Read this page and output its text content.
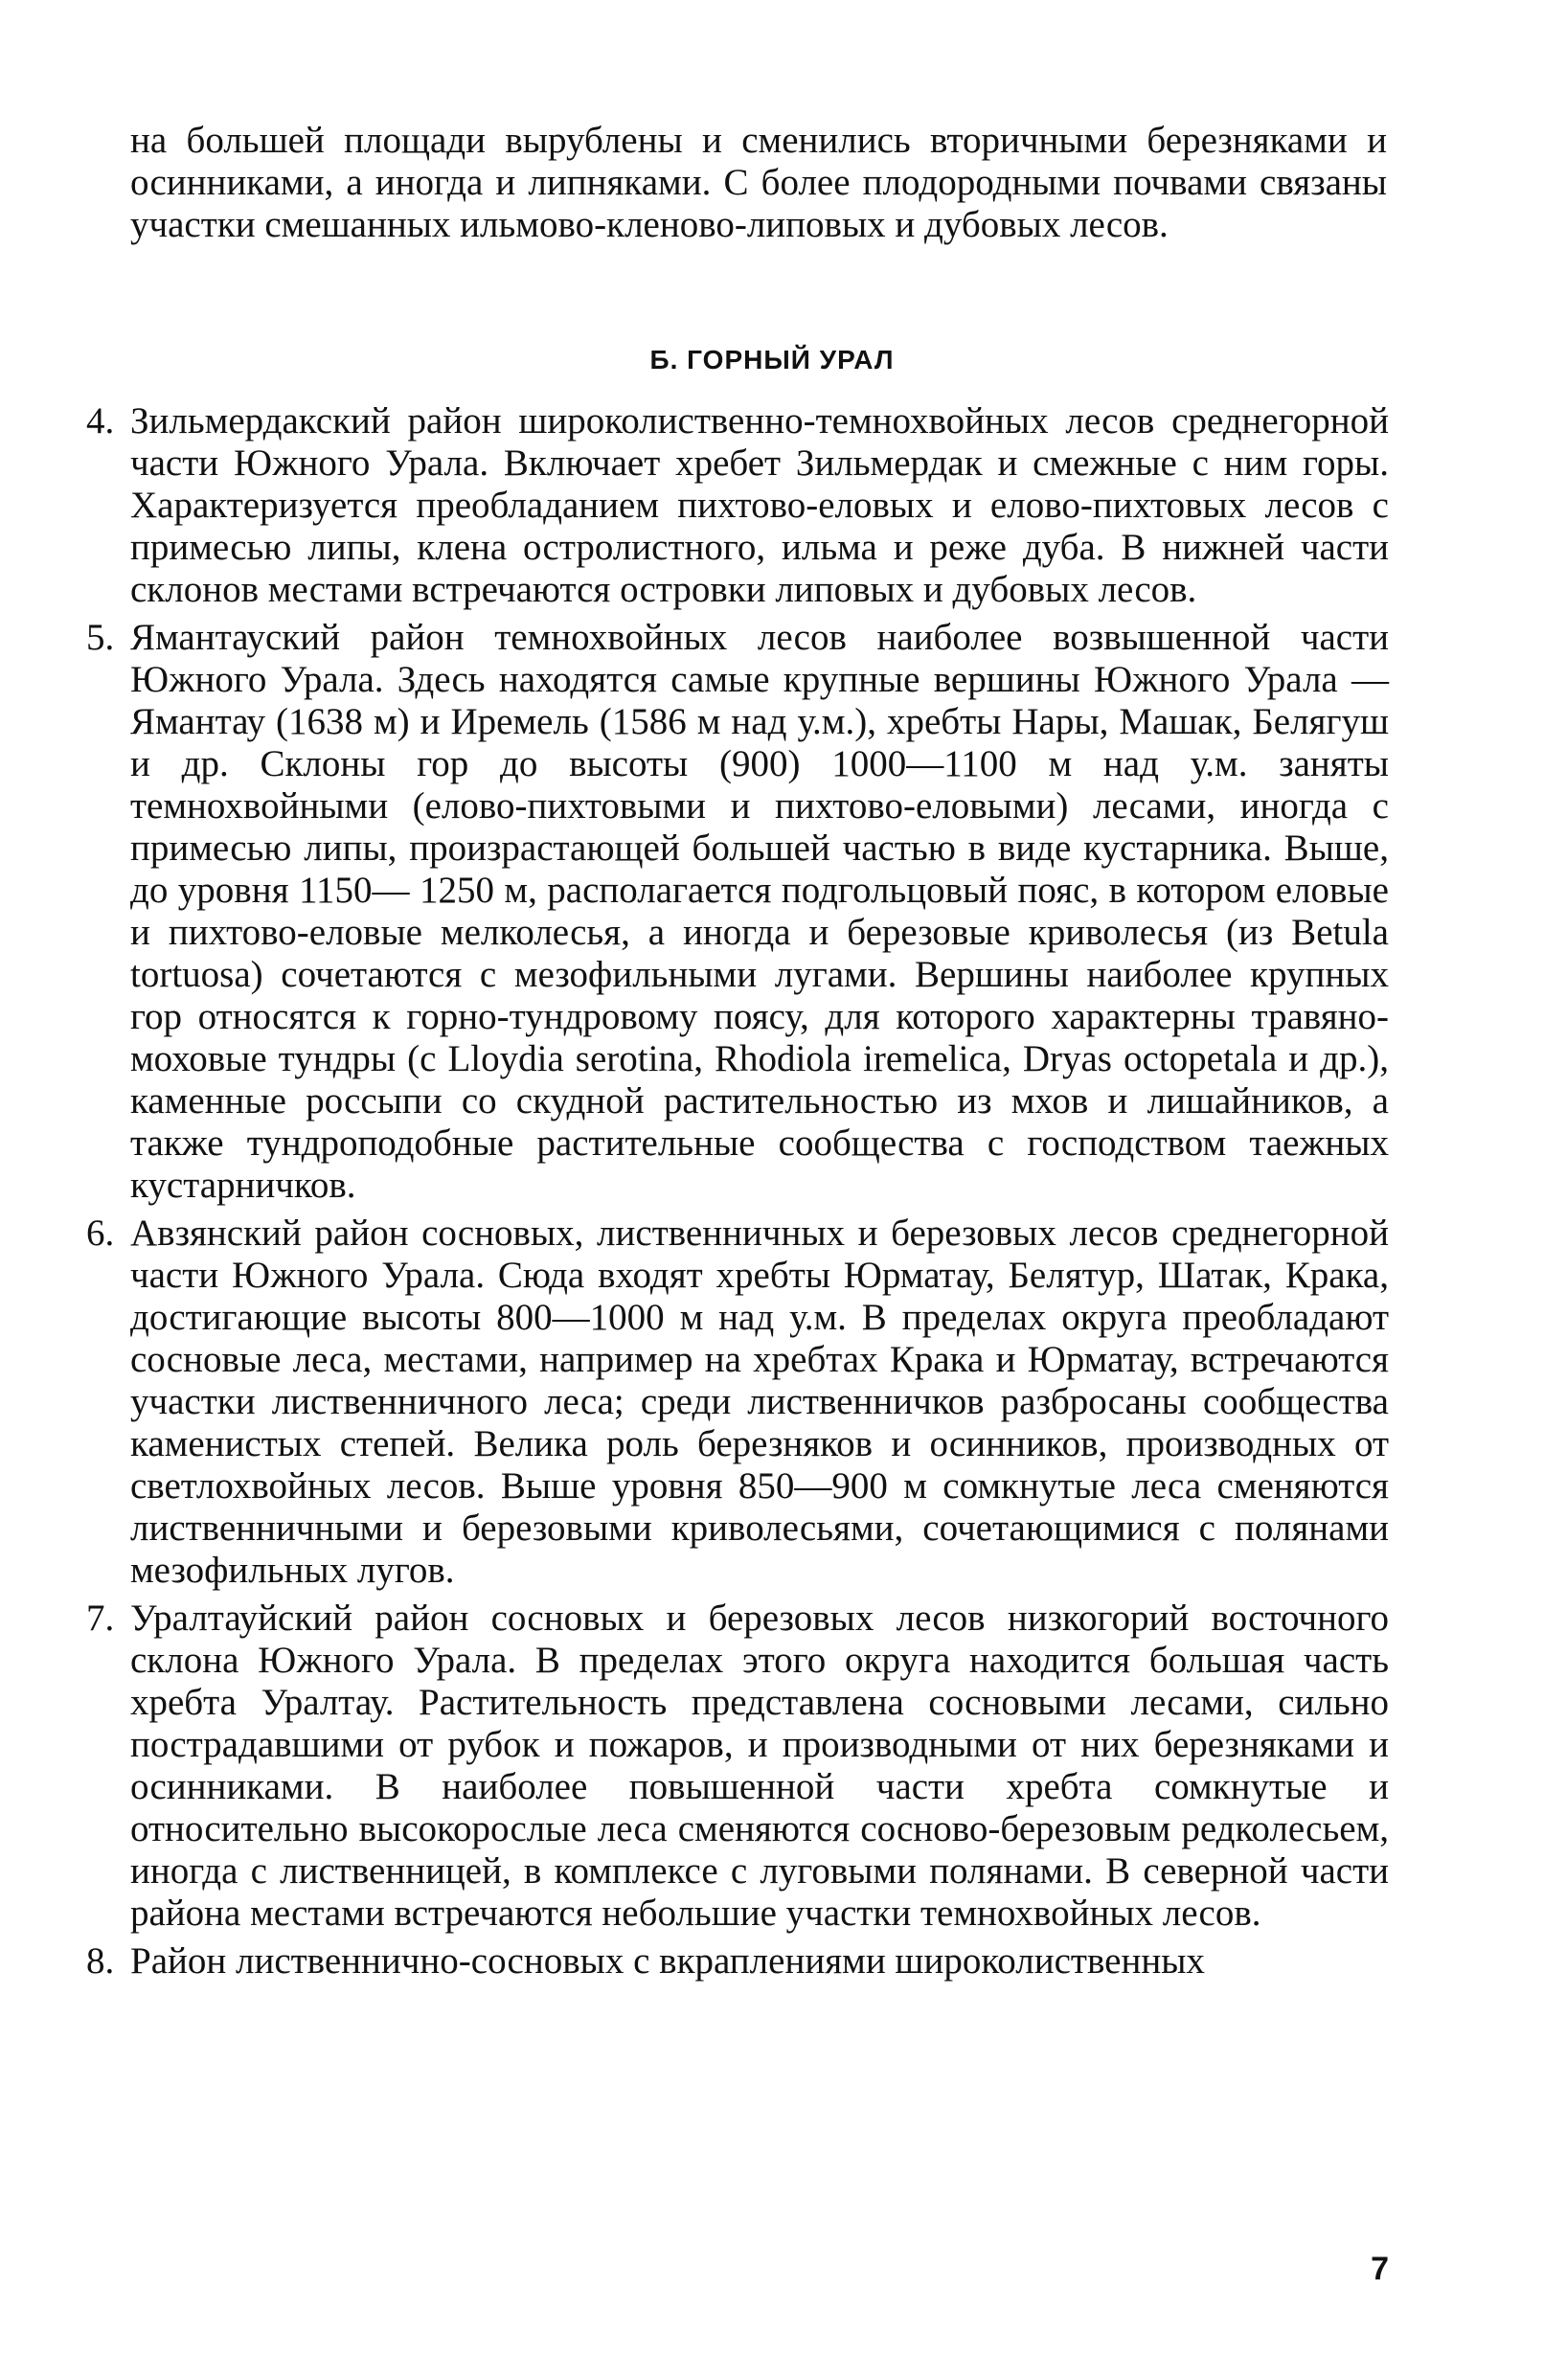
на большей площади вырублены и сменились вторичными березняками и осинниками, а иногда и липняками. С более плодородными почвами связаны участки смешанных ильмово-кленово-липовых и дубовых лесов.

Б. ГОРНЫЙ УРАЛ
4. Зильмердакский район широколиственно-темнохвойных лесов среднегорной части Южного Урала. Включает хребет Зильмердак и смежные с ним горы. Характеризуется преобладанием пихтово-еловых и елово-пихтовых лесов с примесью липы, клена остролистного, ильма и реже дуба. В нижней части склонов местами встречаются островки липовых и дубовых лесов.
5. Ямантауский район темнохвойных лесов наиболее возвышенной части Южного Урала. Здесь находятся самые крупные вершины Южного Урала — Ямантау (1638 м) и Иремель (1586 м над у.м.), хребты Нары, Машак, Белягуш и др. Склоны гор до высоты (900) 1000—1100 м над у.м. заняты темнохвойными (елово-пихтовыми и пихтово-еловыми) лесами, иногда с примесью липы, произрастающей большей частью в виде кустарника. Выше, до уровня 1150— 1250 м, располагается подгольцовый пояс, в котором еловые и пихтово-еловые мелколесья, а иногда и березовые криволесья (из Betula tortuosa) сочетаются с мезофильными лугами. Вершины наиболее крупных гор относятся к горно-тундровому поясу, для которого характерны травяно-моховые тундры (с Lloydia serotina, Rhodiola iremelica, Dryas octopetala и др.), каменные россыпи со скудной растительностью из мхов и лишайников, а также тундроподобные растительные сообщества с господством таежных кустарничков.
6. Авзянский район сосновых, лиственничных и березовых лесов среднегорной части Южного Урала. Сюда входят хребты Юрматау, Белятур, Шатак, Крака, достигающие высоты 800—1000 м над у.м. В пределах округа преобладают сосновые леса, местами, например на хребтах Крака и Юрматау, встречаются участки лиственничного леса; среди лиственничков разбросаны сообщества каменистых степей. Велика роль березняков и осинников, производных от светлохвойных лесов. Выше уровня 850—900 м сомкнутые леса сменяются лиственничными и березовыми криволесьями, сочетающимися с полянами мезофильных лугов.
7. Уралтауйский район сосновых и березовых лесов низкогорий восточного склона Южного Урала. В пределах этого округа находится большая часть хребта Уралтау. Растительность представлена сосновыми лесами, сильно пострадавшими от рубок и пожаров, и производными от них березняками и осинниками. В наиболее повышенной части хребта сомкнутые и относительно высокорослые леса сменяются сосново-березовым редколесьем, иногда с лиственницей, в комплексе с луговыми полянами. В северной части района местами встречаются небольшие участки темнохвойных лесов.
8. Район лиственнично-сосновых с вкраплениями широколиственных
7
